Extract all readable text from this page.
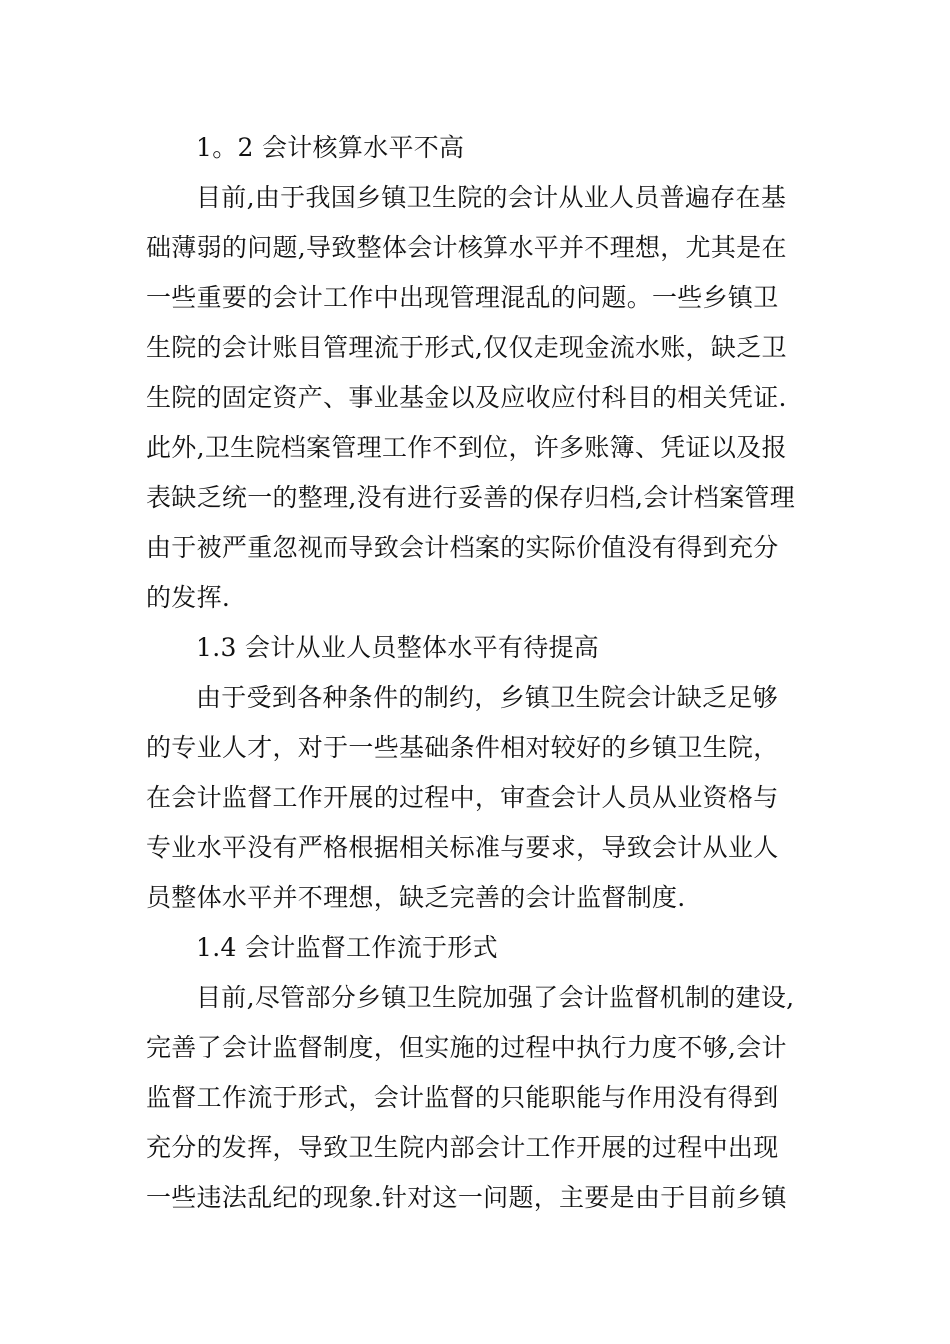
1。2 会计核算水平不高
目前,由于我国乡镇卫生院的会计从业人员普遍存在基
础薄弱的问题,导致整体会计核算水平并不理想，尤其是在
一些重要的会计工作中出现管理混乱的问题。一些乡镇卫
生院的会计账目管理流于形式,仅仅走现金流水账，缺乏卫
生院的固定资产、事业基金以及应收应付科目的相关凭证.
此外,卫生院档案管理工作不到位，许多账簿、凭证以及报
表缺乏统一的整理,没有进行妥善的保存归档,会计档案管理
由于被严重忽视而导致会计档案的实际价值没有得到充分
的发挥.
1.3 会计从业人员整体水平有待提高
由于受到各种条件的制约，乡镇卫生院会计缺乏足够
的专业人才，对于一些基础条件相对较好的乡镇卫生院，
在会计监督工作开展的过程中，审查会计人员从业资格与
专业水平没有严格根据相关标准与要求，导致会计从业人
员整体水平并不理想，缺乏完善的会计监督制度.
1.4 会计监督工作流于形式
目前,尽管部分乡镇卫生院加强了会计监督机制的建设,
完善了会计监督制度，但实施的过程中执行力度不够,会计
监督工作流于形式，会计监督的只能职能与作用没有得到
充分的发挥，导致卫生院内部会计工作开展的过程中出现
一些违法乱纪的现象.针对这一问题，主要是由于目前乡镇
